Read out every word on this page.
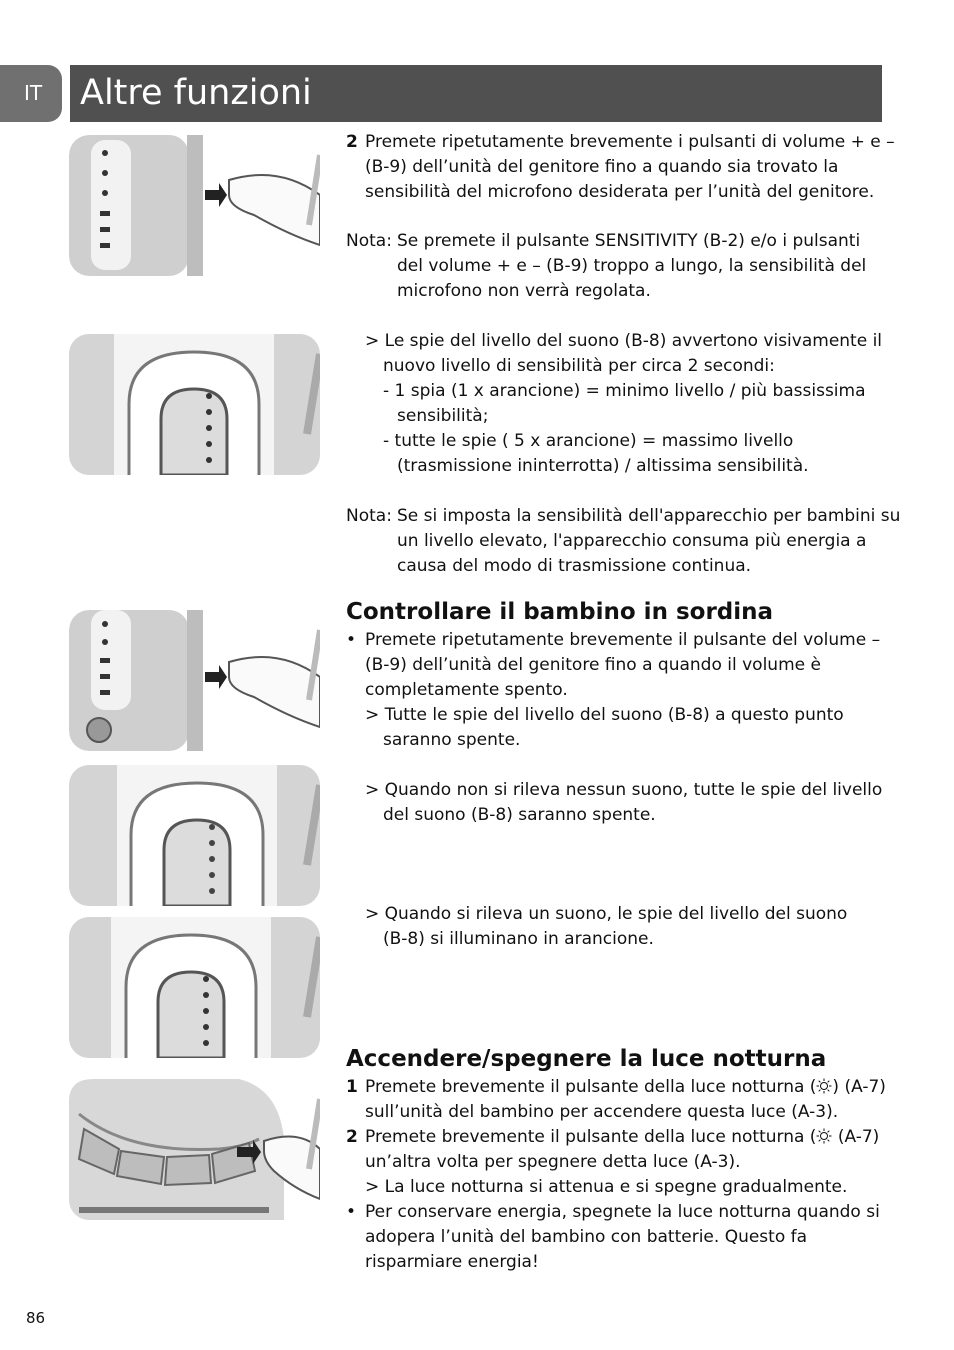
IT	Altre funzioni
2 Premete ripetutamente brevemente i pulsanti di volume + e –
(B-9) dell’unità del genitore fino a quando sia trovato la
sensibilità del microfono desiderata per l’unità del genitore.
Nota: Se premete il pulsante SENSITIVITY (B-2) e/o i pulsanti
del volume + e – (B-9) troppo a lungo, la sensibilità del
microfono non verrà regolata.
> Le spie del livello del suono (B-8) avvertono visivamente il
nuovo livello di sensibilità per circa 2 secondi:
- 1 spia (1 x arancione) = minimo livello / più bassissima
sensibilità;
- tutte le spie ( 5 x arancione) = massimo livello
(trasmissione ininterrotta) / altissima sensibilità.
Nota: Se si imposta la sensibilità dell'apparecchio per bambini su
un livello elevato, l'apparecchio consuma più energia a
causa del modo di trasmissione continua.
Controllare il bambino in sordina
• Premete ripetutamente brevemente il pulsante del volume –
(B-9) dell’unità del genitore fino a quando il volume è
completamente spento.
> Tutte le spie del livello del suono (B-8) a questo punto
saranno spente.
> Quando non si rileva nessun suono, tutte le spie del livello
del suono (B-8) saranno spente.
> Quando si rileva un suono, le spie del livello del suono
(B-8) si illuminano in arancione.
Accendere/spegnere la luce notturna
1 Premete brevemente il pulsante della luce notturna ( ) (A-7)
sull’unità del bambino per accendere questa luce (A-3).
2 Premete brevemente il pulsante della luce notturna ( (A-7)
un’altra volta per spegnere detta luce (A-3).
> La luce notturna si attenua e si spegne gradualmente.
• Per conservare energia, spegnete la luce notturna quando si
adopera l’unità del bambino con batterie. Questo fa
risparmiare energia!
86
